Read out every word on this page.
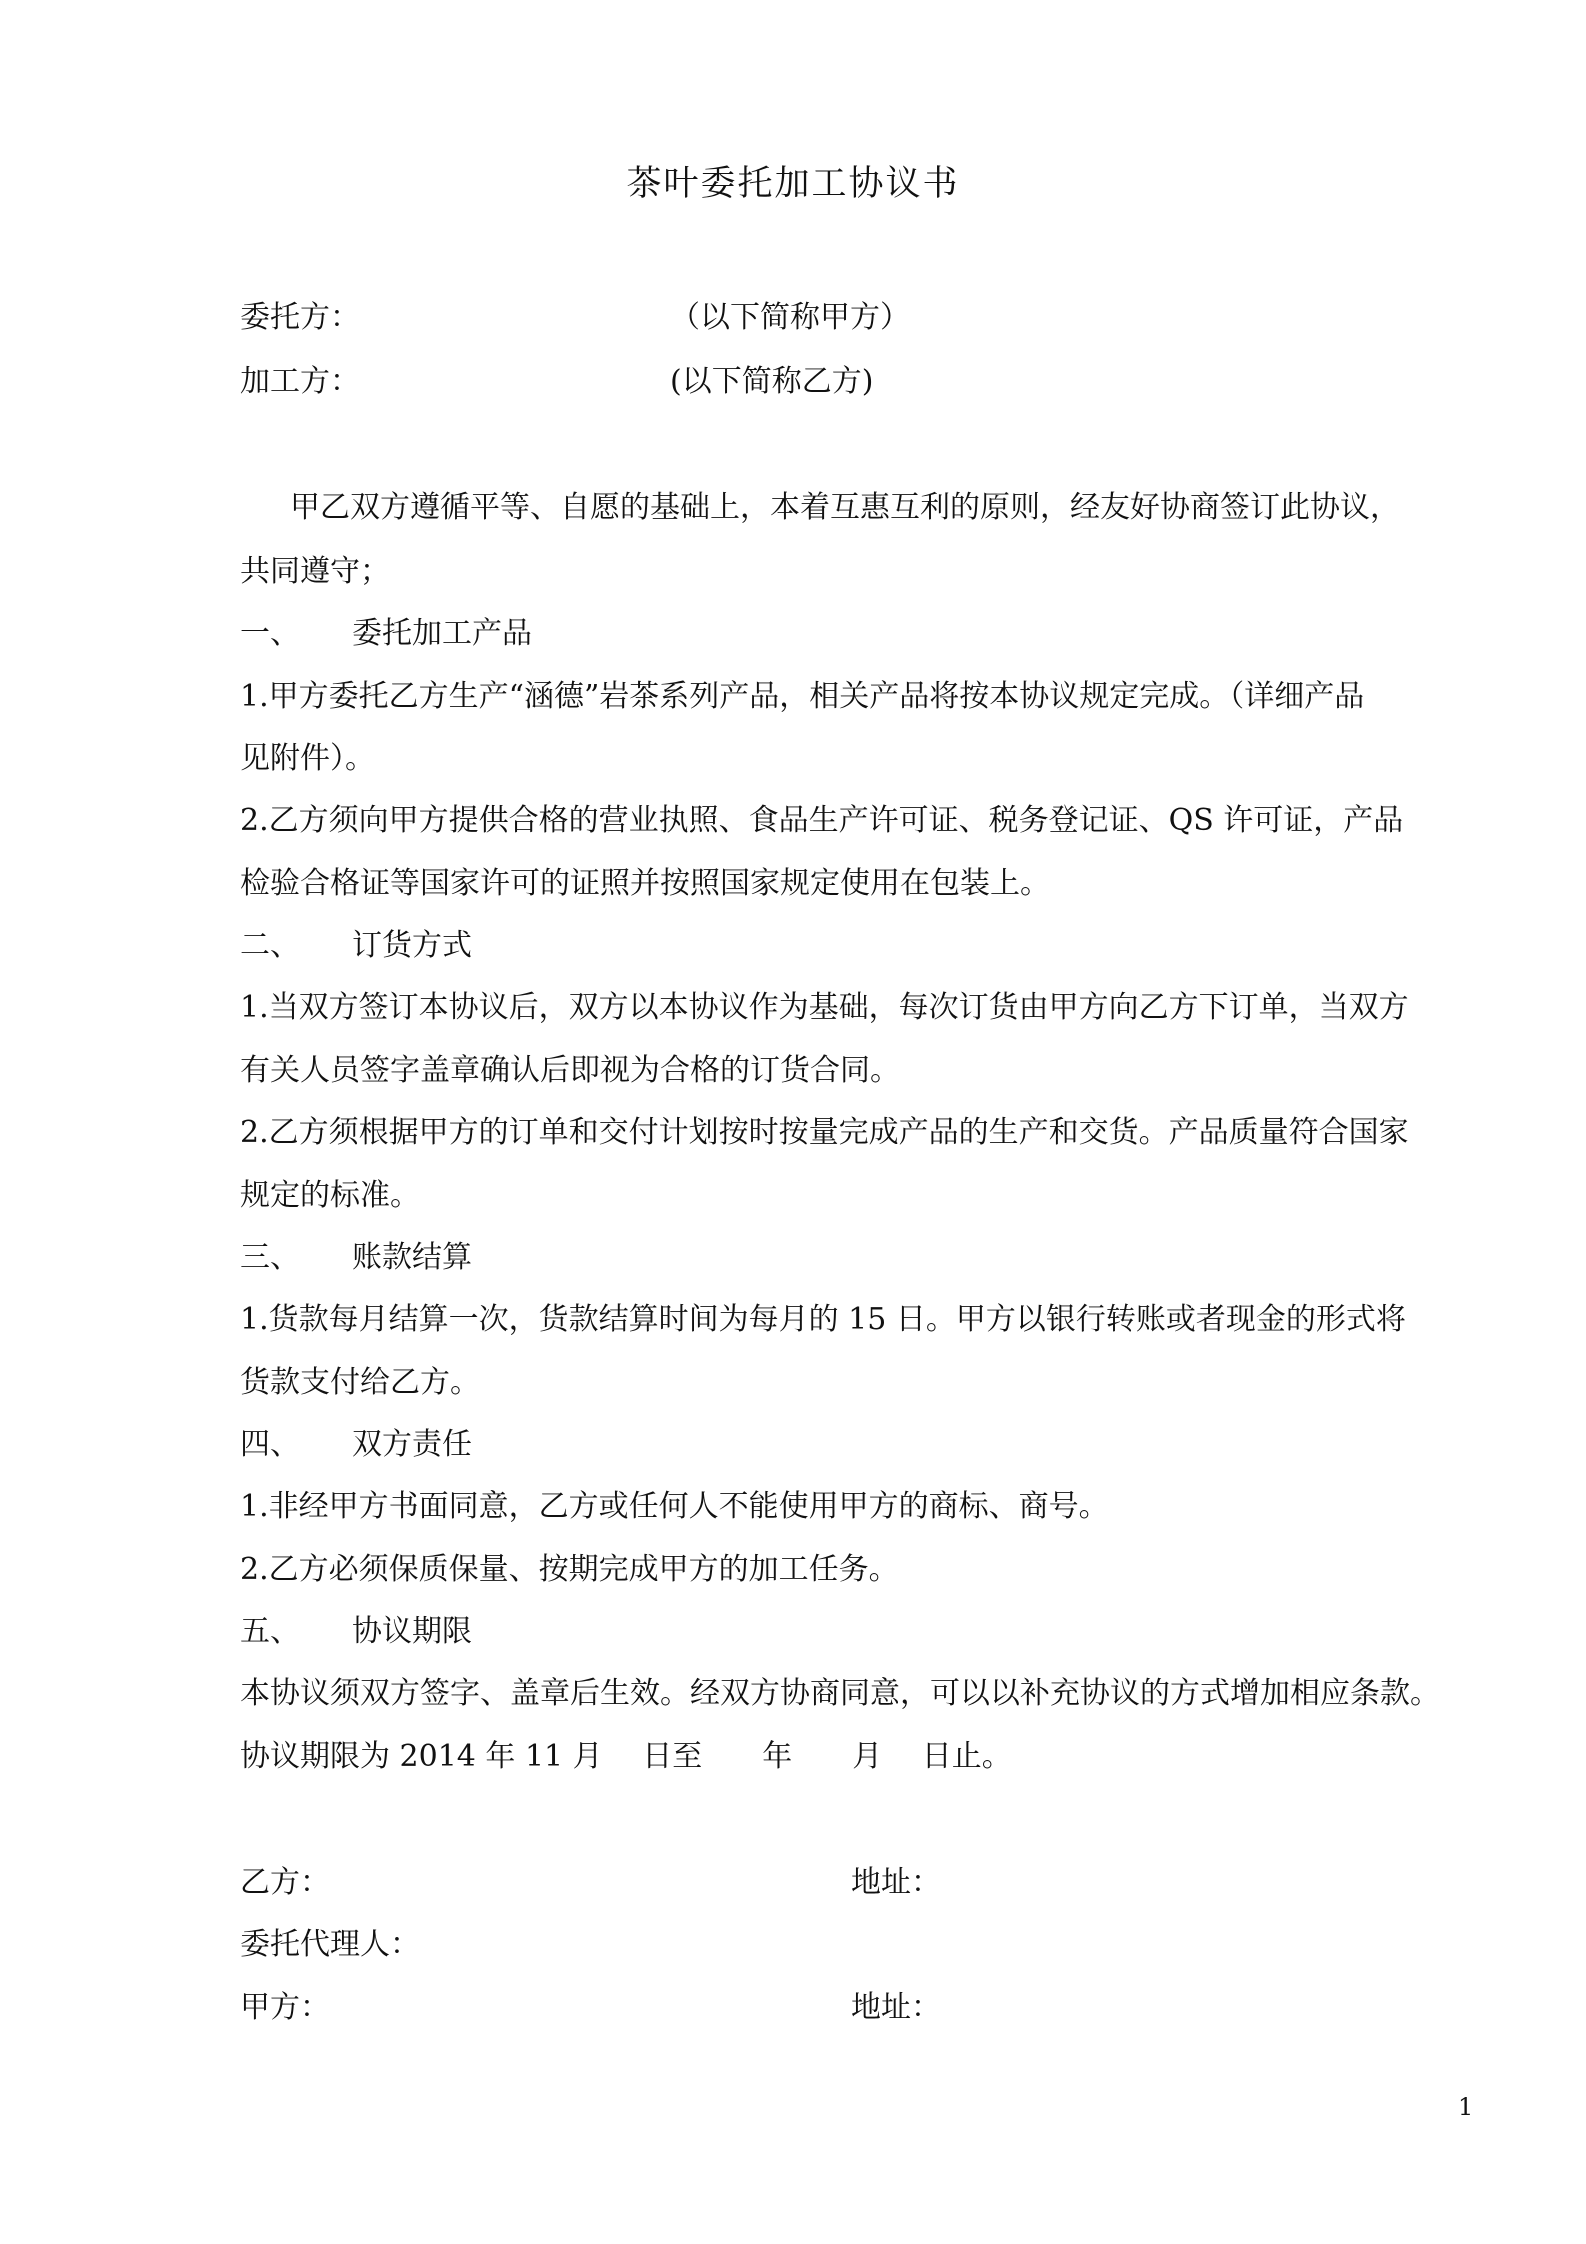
茶叶委托加工协议书
委托方：	（以下简称甲方）
加工方：	(以下简称乙方)
甲乙双方遵循平等、自愿的基础上，本着互惠互利的原则，经友好协商签订此协议，
共同遵守；
一、 委托加工产品
1.甲方委托乙方生产“涵德”岩茶系列产品，相关产品将按本协议规定完成。（详细产品
见附件）。
2.乙方须向甲方提供合格的营业执照、食品生产许可证、税务登记证、QS 许可证，产品
检验合格证等国家许可的证照并按照国家规定使用在包装上。
二、 订货方式
1.当双方签订本协议后，双方以本协议作为基础，每次订货由甲方向乙方下订单，当双方
有关人员签字盖章确认后即视为合格的订货合同。
2.乙方须根据甲方的订单和交付计划按时按量完成产品的生产和交货。产品质量符合国家
规定的标准。
三、 账款结算
1.货款每月结算一次，货款结算时间为每月的 15 日。甲方以银行转账或者现金的形式将
货款支付给乙方。
四、 双方责任
1.非经甲方书面同意，乙方或任何人不能使用甲方的商标、商号。
2.乙方必须保质保量、按期完成甲方的加工任务。
五、 协议期限
本协议须双方签字、盖章后生效。经双方协商同意，可以以补充协议的方式增加相应条款。
协议期限为 2014 年 11 月　 日至　　年　　月　 日止。
乙方：	地址：
委托代理人：
甲方：	地址：
1
